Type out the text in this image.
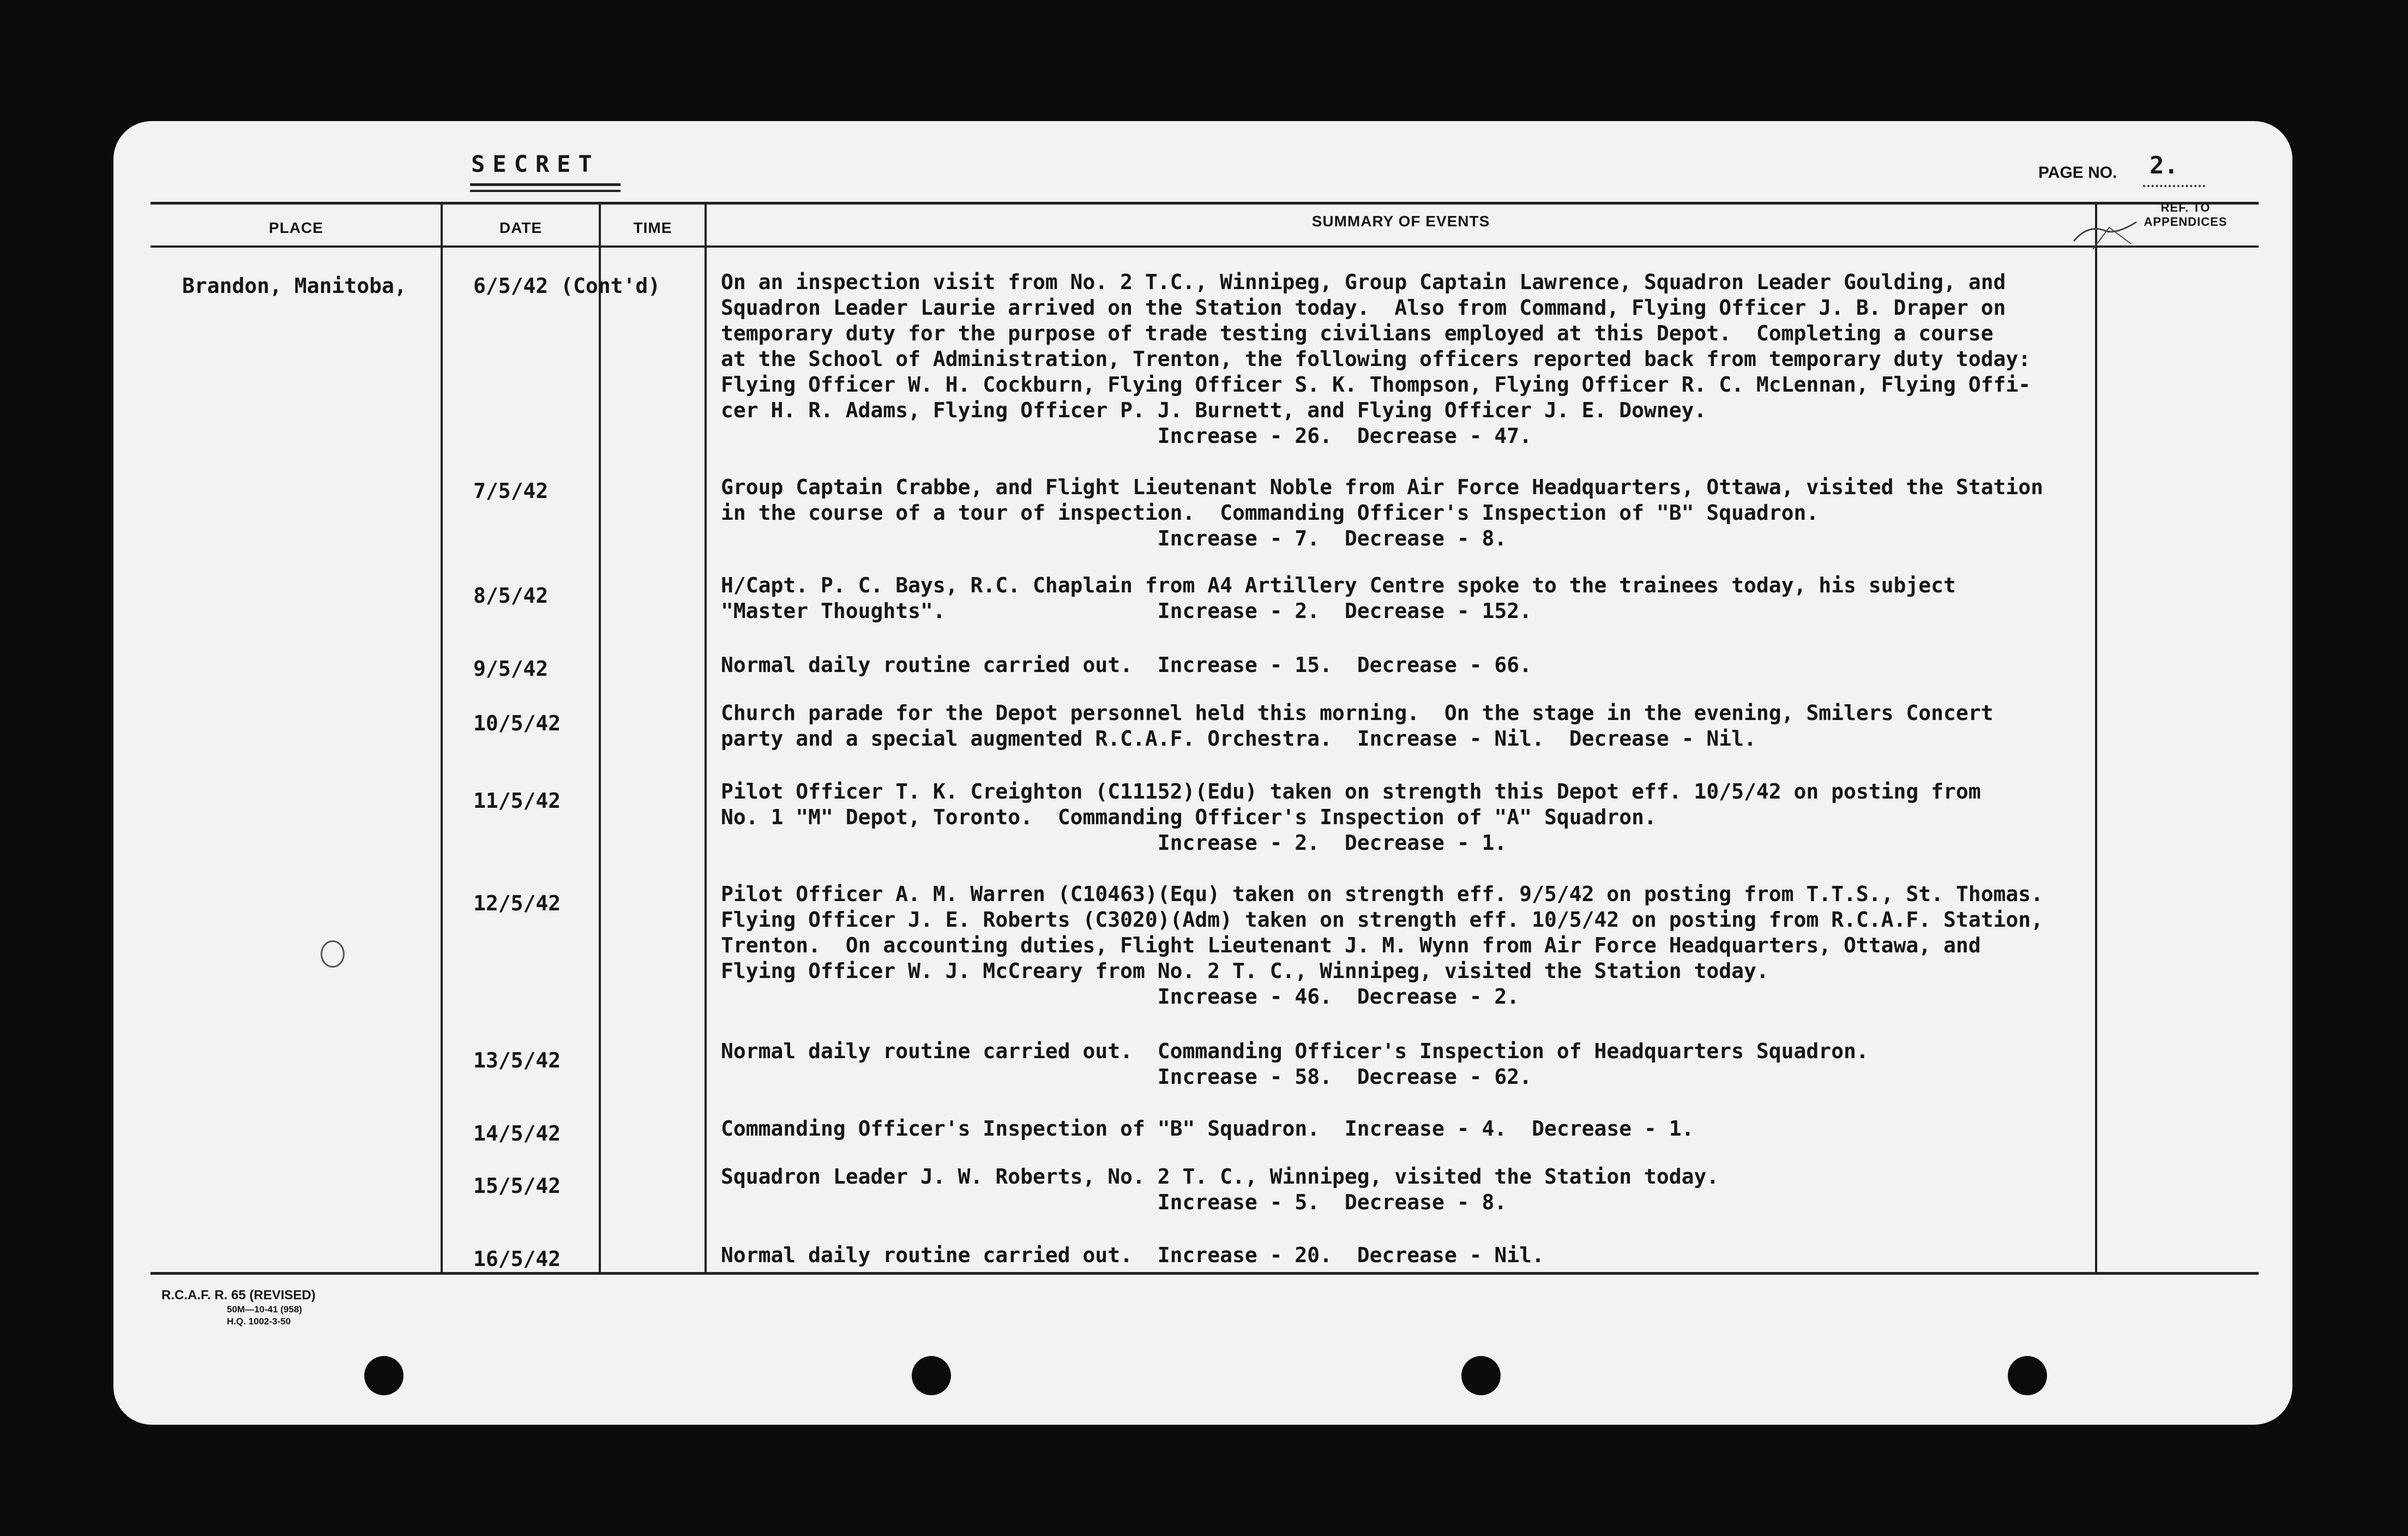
SECRET	PAGE NO. 2.
PLACE	DATE	TIME	SUMMARY OF EVENTS
REF. TO APPENDICES
Brandon, Manitoba,	6/5/42 (Cont'd)	On an inspection visit from No. 2 T.C., Winnipeg, Group Captain Lawrence, Squadron Leader Goulding, and
Squadron Leader Laurie arrived on the Station today.  Also from Command, Flying Officer J. B. Draper on
temporary duty for the purpose of trade testing civilians employed at this Depot.  Completing a course
at the School of Administration, Trenton, the following officers reported back from temporary duty today:
Flying Officer W. H. Cockburn, Flying Officer S. K. Thompson, Flying Officer R. C. McLennan, Flying Offi-
cer H. R. Adams, Flying Officer P. J. Burnett, and Flying Officer J. E. Downey.
Increase - 26.  Decrease - 47.
7/5/42	Group Captain Crabbe, and Flight Lieutenant Noble from Air Force Headquarters, Ottawa, visited the Station
in the course of a tour of inspection.  Commanding Officer's Inspection of "B" Squadron.
Increase - 7.  Decrease - 8.
8/5/42	H/Capt. P. C. Bays, R.C. Chaplain from A4 Artillery Centre spoke to the trainees today, his subject
"Master Thoughts".                 Increase - 2.  Decrease - 152.
9/5/42	Normal daily routine carried out.  Increase - 15.  Decrease - 66.
10/5/42	Church parade for the Depot personnel held this morning.  On the stage in the evening, Smilers Concert
party and a special augmented R.C.A.F. Orchestra.  Increase - Nil.  Decrease - Nil.
11/5/42	Pilot Officer T. K. Creighton (C11152)(Edu) taken on strength this Depot eff. 10/5/42 on posting from
No. 1 "M" Depot, Toronto.  Commanding Officer's Inspection of "A" Squadron.
Increase - 2.  Decrease - 1.
12/5/42	Pilot Officer A. M. Warren (C10463)(Equ) taken on strength eff. 9/5/42 on posting from T.T.S., St. Thomas.
Flying Officer J. E. Roberts (C3020)(Adm) taken on strength eff. 10/5/42 on posting from R.C.A.F. Station,
Trenton.  On accounting duties, Flight Lieutenant J. M. Wynn from Air Force Headquarters, Ottawa, and
Flying Officer W. J. McCreary from No. 2 T. C., Winnipeg, visited the Station today.
Increase - 46.  Decrease - 2.
13/5/42	Normal daily routine carried out.  Commanding Officer's Inspection of Headquarters Squadron.
Increase - 58.  Decrease - 62.
14/5/42	Commanding Officer's Inspection of "B" Squadron.  Increase - 4.  Decrease - 1.
15/5/42	Squadron Leader J. W. Roberts, No. 2 T. C., Winnipeg, visited the Station today.
Increase - 5.  Decrease - 8.
16/5/42	Normal daily routine carried out.  Increase - 20.  Decrease - Nil.
R.C.A.F. R. 65 (REVISED)
50M—10-41 (958)
H.Q. 1002-3-50
